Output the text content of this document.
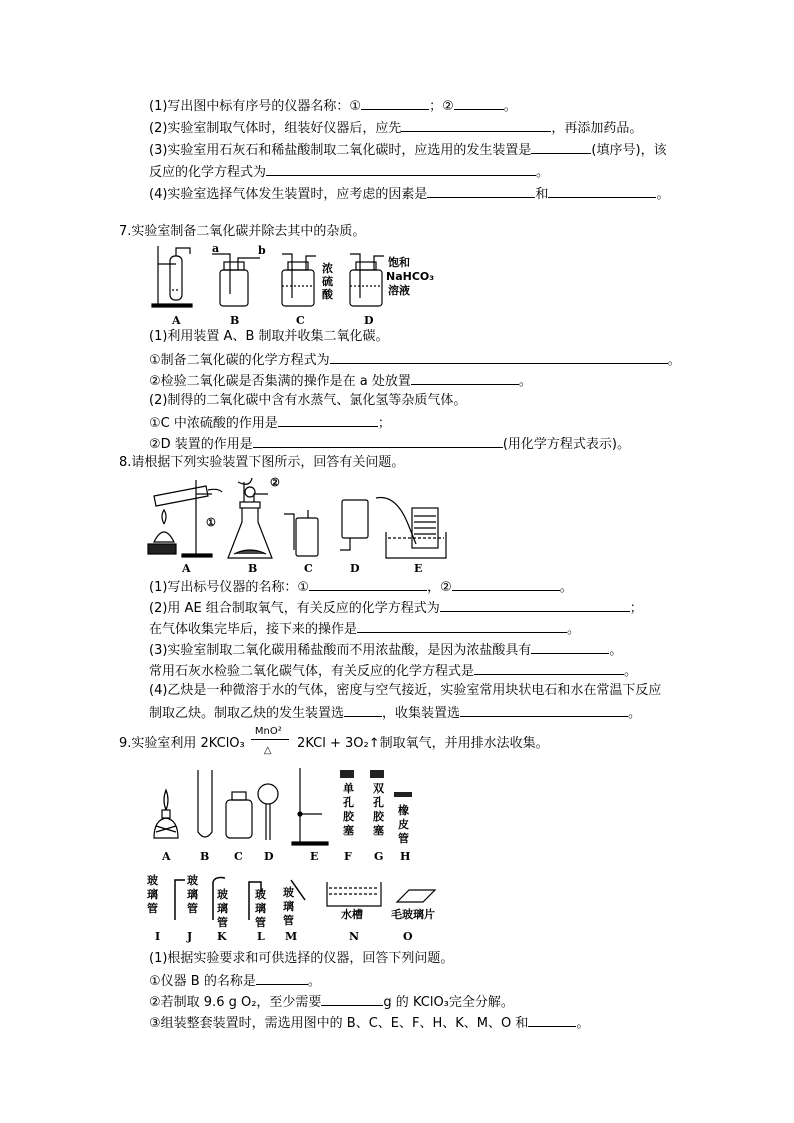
(1)写出图中标有序号的仪器名称：①	；②	。
(2)实验室制取气体时，组装好仪器后，应先	，再添加药品。
(3)实验室用石灰石和稀盐酸制取二氧化碳时，应选用的发生装置是	(填序号)，该
反应的化学方程式为	。
(4)实验室选择气体发生装置时，应考虑的因素是	和	。
7.实验室制备二氧化碳并除去其中的杂质。
a	b
浓
硫
酸
饱和
NaHCO₃
溶液
A	B	C	D
(1)利用装置 A、B 制取并收集二氧化碳。
①制备二氧化碳的化学方程式为	。
②检验二氧化碳是否集满的操作是在 a 处放置	。
(2)制得的二氧化碳中含有水蒸气、氯化氢等杂质气体。
①C 中浓硫酸的作用是	；
②D 装置的作用是	(用化学方程式表示)。
8.请根据下列实验装置下图所示，回答有关问题。
①
②
A	B	C	D	E
(1)写出标号仪器的名称：①	，②	。
(2)用 AE 组合制取氧气，有关反应的化学方程式为	；
在气体收集完毕后，接下来的操作是	。
(3)实验室制取二氧化碳用稀盐酸而不用浓盐酸，是因为浓盐酸具有	。
常用石灰水检验二氧化碳气体，有关反应的化学方程式是	。
(4)乙炔是一种微溶于水的气体，密度与空气接近，实验室常用块状电石和水在常温下反应
制取乙炔。制取乙炔的发生装置选	，收集装置选	。
9.实验室利用 2KClO₃
MnO²
△ 2KCl + 3O₂↑制取氧气，并用排水法收集。
单
孔
胶
塞
双
孔
胶
塞
橡
皮
管
A	B C D	E F G H
玻
璃
管
玻
璃
管
玻
璃
管
玻
璃
管
玻
璃
管	水槽	毛玻璃片
I J K	L M	N	O
(1)根据实验要求和可供选择的仪器，回答下列问题。
①仪器 B 的名称是	。
②若制取 9.6 g O₂，至少需要	g 的 KClO₃完全分解。
③组装整套装置时，需选用图中的 B、C、E、F、H、K、M、O 和	。
